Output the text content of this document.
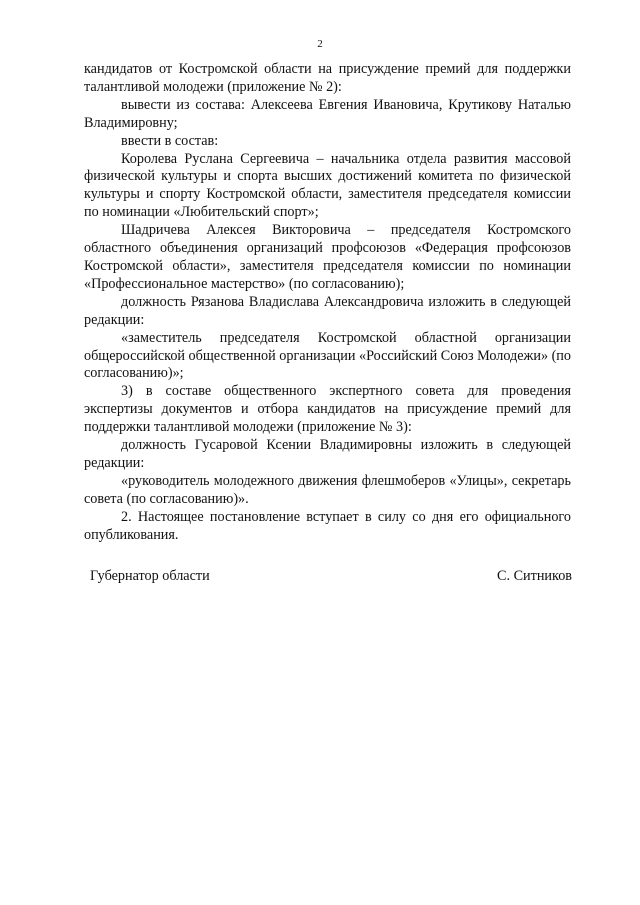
2

кандидатов от Костромской области на присуждение премий для поддержки талантливой молодежи (приложение № 2):

вывести из состава: Алексеева Евгения Ивановича, Крутикову Наталью Владимировну;

ввести в состав:

Королева Руслана Сергеевича – начальника отдела развития массовой физической культуры и спорта высших достижений комитета по физической культуры и спорту Костромской области, заместителя председателя комиссии по номинации «Любительский спорт»;

Шадричева Алексея Викторовича – председателя Костромского областного объединения организаций профсоюзов «Федерация профсоюзов Костромской области», заместителя председателя комиссии по номинации «Профессиональное мастерство» (по согласованию);

должность Рязанова Владислава Александровича изложить в следующей редакции:

«заместитель председателя Костромской областной организации общероссийской общественной организации «Российский Союз Молодежи» (по согласованию)»;

3) в составе общественного экспертного совета для проведения экспертизы документов и отбора кандидатов на присуждение премий для поддержки талантливой молодежи (приложение № 3):

должность Гусаровой Ксении Владимировны изложить в следующей редакции:

«руководитель молодежного движения флешмоберов «Улицы», секретарь совета (по согласованию)».

2. Настоящее постановление вступает в силу со дня его официального опубликования.

Губернатор области	С. Ситников
